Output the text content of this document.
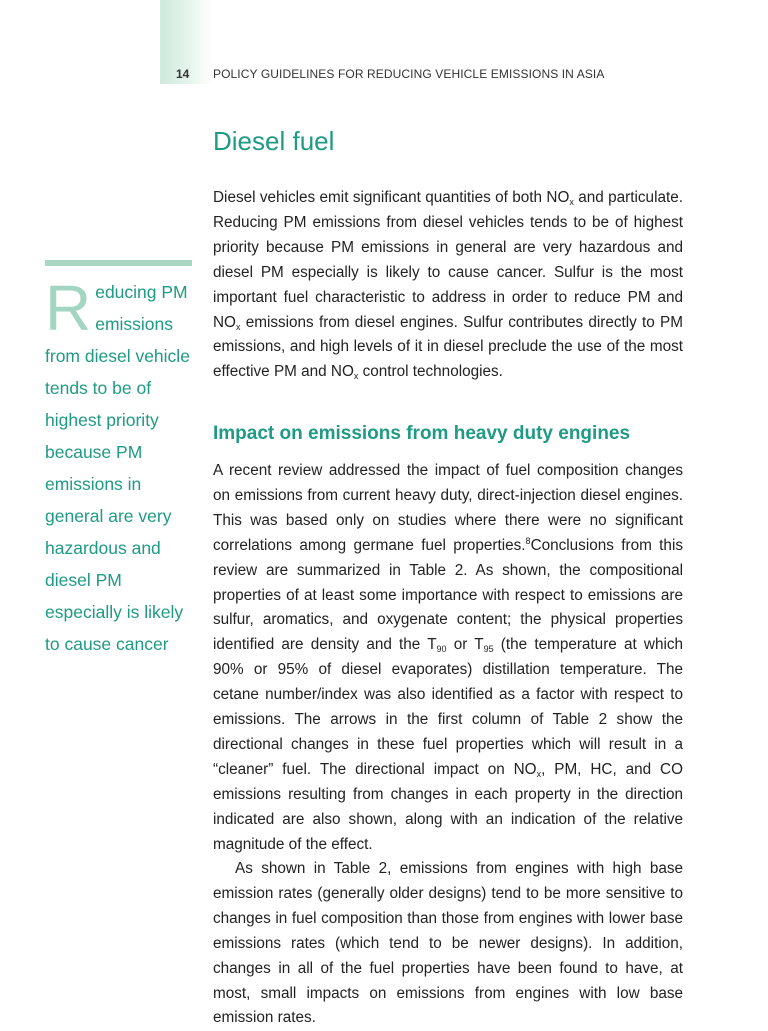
14 POLICY GUIDELINES FOR REDUCING VEHICLE EMISSIONS IN ASIA
Diesel fuel

Diesel vehicles emit significant quantities of both $NO_x$ and particulate. Reducing PM emissions from diesel vehicles tends to be of highest priority because PM emissions in general are very hazardous and diesel PM especially is likely to cause cancer. Sulfur is the most important fuel characteristic to address in order to reduce PM and $NO_x$ emissions from diesel engines. Sulfur contributes directly to PM emissions, and high levels of it in diesel preclude the use of the most effective PM and $NO_x$ control technologies.

Impact on emissions from heavy duty engines

A recent review addressed the impact of fuel composition changes on emissions from current heavy duty, direct-injection diesel engines. This was based only on studies where there were no significant correlations among germane fuel properties.$^8$Conclusions from this review are summarized in Table 2. As shown, the compositional properties of at least some importance with respect to emissions are sulfur, aromatics, and oxygenate content; the physical properties identified are density and the $T_{90}$ or $T_{95}$ (the temperature at which 90% or 95% of diesel evaporates) distillation temperature. The cetane number/index was also identified as a factor with respect to emissions. The arrows in the first column of Table 2 show the directional changes in these fuel properties which will result in a “cleaner” fuel. The directional impact on $NO_x$, PM, HC, and CO emissions resulting from changes in each property in the direction indicated are also shown, along with an indication of the relative magnitude of the effect.

As shown in Table 2, emissions from engines with high base emission rates (generally older designs) tend to be more sensitive to changes in fuel composition than those from engines with lower base emissions rates (which tend to be newer designs). In addition, changes in all of the fuel properties have been found to have, at most, small impacts on emissions from engines with low base emission rates.

Reducing PM emissions from diesel vehicle tends to be of highest priority because PM emissions in general are very hazardous and diesel PM especially is likely to cause cancer
